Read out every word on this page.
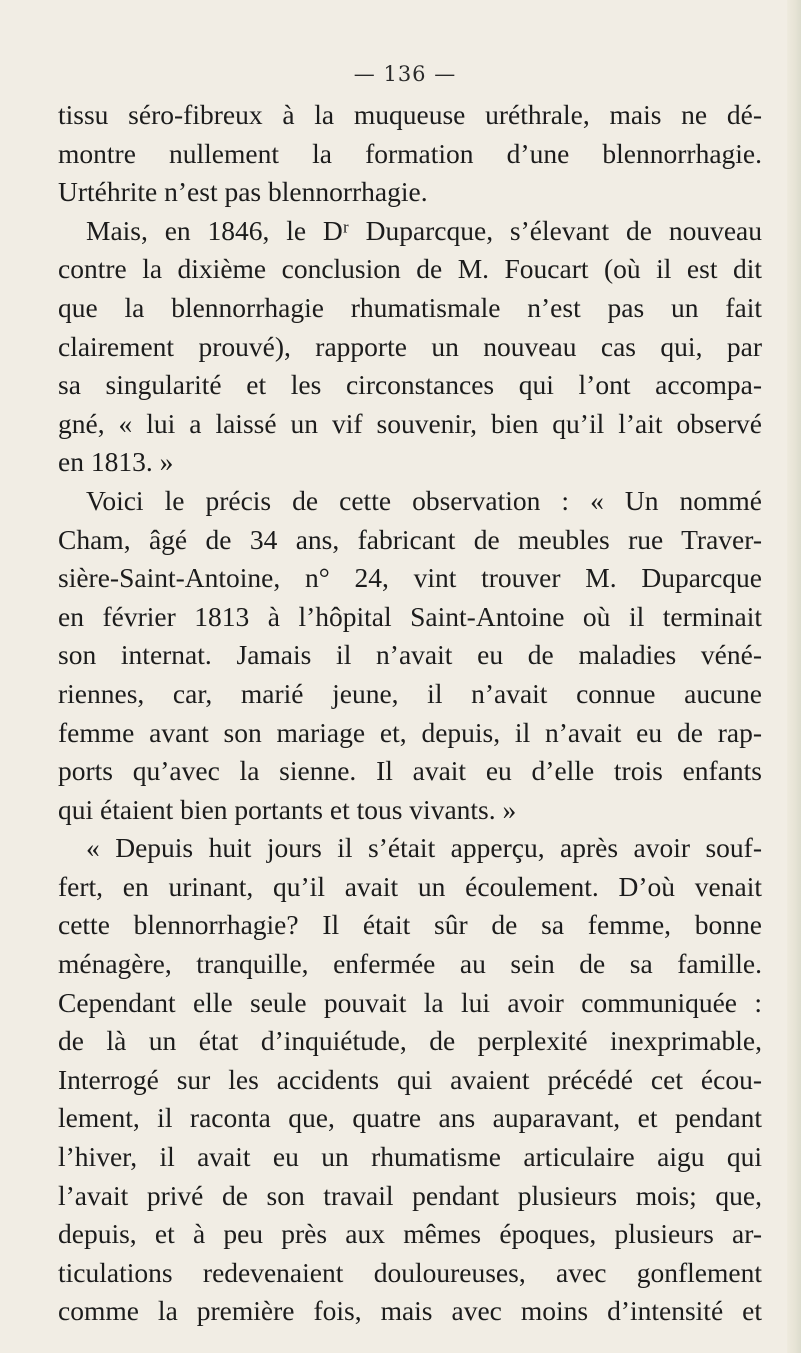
— 136 —
tissu séro-fibreux à la muqueuse uréthrale, mais ne dé-
montre nullement la formation d’une blennorrhagie.
Urtéhrite n’est pas blennorrhagie.
Mais, en 1846, le Dʳ Duparcque, s’élevant de nouveau
contre la dixième conclusion de M. Foucart (où il est dit
que la blennorrhagie rhumatismale n’est pas un fait
clairement prouvé), rapporte un nouveau cas qui, par
sa singularité et les circonstances qui l’ont accompa-
gné, « lui a laissé un vif souvenir, bien qu’il l’ait observé
en 1813. »
Voici le précis de cette observation : « Un nommé
Cham, âgé de 34 ans, fabricant de meubles rue Traver-
sière-Saint-Antoine, n° 24, vint trouver M. Duparcque
en février 1813 à l’hôpital Saint-Antoine où il terminait
son internat. Jamais il n’avait eu de maladies véné-
riennes, car, marié jeune, il n’avait connue aucune
femme avant son mariage et, depuis, il n’avait eu de rap-
ports qu’avec la sienne. Il avait eu d’elle trois enfants
qui étaient bien portants et tous vivants. »
« Depuis huit jours il s’était apperçu, après avoir souf-
fert, en urinant, qu’il avait un écoulement. D’où venait
cette blennorrhagie? Il était sûr de sa femme, bonne
ménagère, tranquille, enfermée au sein de sa famille.
Cependant elle seule pouvait la lui avoir communiquée :
de là un état d’inquiétude, de perplexité inexprimable,
Interrogé sur les accidents qui avaient précédé cet écou-
lement, il raconta que, quatre ans auparavant, et pendant
l’hiver, il avait eu un rhumatisme articulaire aigu qui
l’avait privé de son travail pendant plusieurs mois; que,
depuis, et à peu près aux mêmes époques, plusieurs ar-
ticulations redevenaient douloureuses, avec gonflement
comme la première fois, mais avec moins d’intensité et
